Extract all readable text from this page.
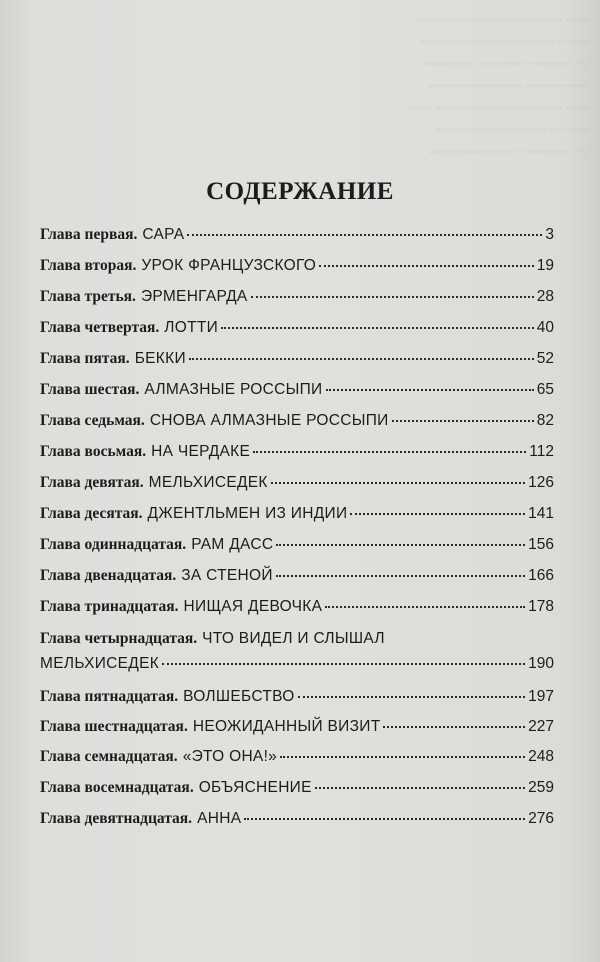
~~~ ~~~~ ~~~~~~~~ ~~~~~
~~~~ ~~~~~~ ~~~~~~~~~~
~~ ~~~~~ ~~~~~~ ~~~~~~
~~~~~~~~ ~~ ~~~~~~~~~
~~~ ~~~~~~ ~~~~~~~~~ ~~~
~~~~~ ~~~~~~ ~~~~~~~
~~ ~~~~~~ ~~~~~~~~~~~
СОДЕРЖАНИЕ
Глава первая. САРА	3
Глава вторая. УРОК ФРАНЦУЗСКОГО	19
Глава третья. ЭРМЕНГАРДА	28
Глава четвертая. ЛОТТИ	40
Глава пятая. БЕККИ	52
Глава шестая. АЛМАЗНЫЕ РОССЫПИ	65
Глава седьмая. СНОВА АЛМАЗНЫЕ РОССЫПИ	82
Глава восьмая. НА ЧЕРДАКЕ	112
Глава девятая. МЕЛЬХИСЕДЕК	126
Глава десятая. ДЖЕНТЛЬМЕН ИЗ ИНДИИ	141
Глава одиннадцатая. РАМ ДАСС	156
Глава двенадцатая. ЗА СТЕНОЙ	166
Глава тринадцатая. НИЩАЯ ДЕВОЧКА	178
Глава четырнадцатая. ЧТО ВИДЕЛ И СЛЫШАЛ
МЕЛЬХИСЕДЕК	190
Глава пятнадцатая. ВОЛШЕБСТВО	197
Глава шестнадцатая. НЕОЖИДАННЫЙ ВИЗИТ	227
Глава семнадцатая. «ЭТО ОНА!»	248
Глава восемнадцатая. ОБЪЯСНЕНИЕ	259
Глава девятнадцатая. АННА	276
